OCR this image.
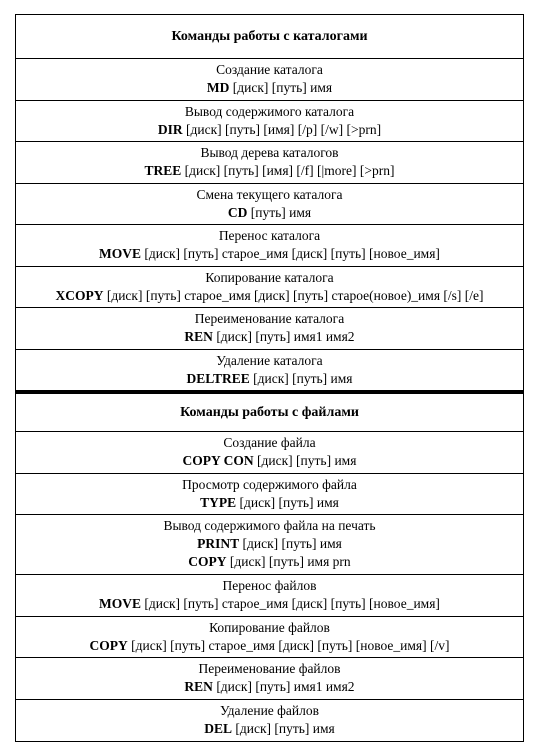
Команды работы с каталогами
Создание каталога
MD [диск] [путь] имя
Вывод содержимого каталога
DIR [диск] [путь] [имя] [/p] [/w] [>prn]
Вывод дерева каталогов
TREE [диск] [путь] [имя] [/f] [|more] [>prn]
Смена текущего каталога
CD [путь] имя
Перенос каталога
MOVE [диск] [путь] старое_имя [диск] [путь] [новое_имя]
Копирование каталога
XCOPY [диск] [путь] старое_имя [диск] [путь] старое(новое)_имя [/s] [/e]
Переименование каталога
REN [диск] [путь] имя1 имя2
Удаление каталога
DELTREE [диск] [путь] имя
Команды работы с файлами
Создание файла
COPY CON [диск] [путь] имя
Просмотр содержимого файла
TYPE [диск] [путь] имя
Вывод содержимого файла на печать
PRINT [диск] [путь] имя
COPY [диск] [путь] имя prn
Перенос файлов
MOVE [диск] [путь] старое_имя [диск] [путь] [новое_имя]
Копирование файлов
COPY [диск] [путь] старое_имя [диск] [путь] [новое_имя] [/v]
Переименование файлов
REN [диск] [путь] имя1 имя2
Удаление файлов
DEL [диск] [путь] имя
